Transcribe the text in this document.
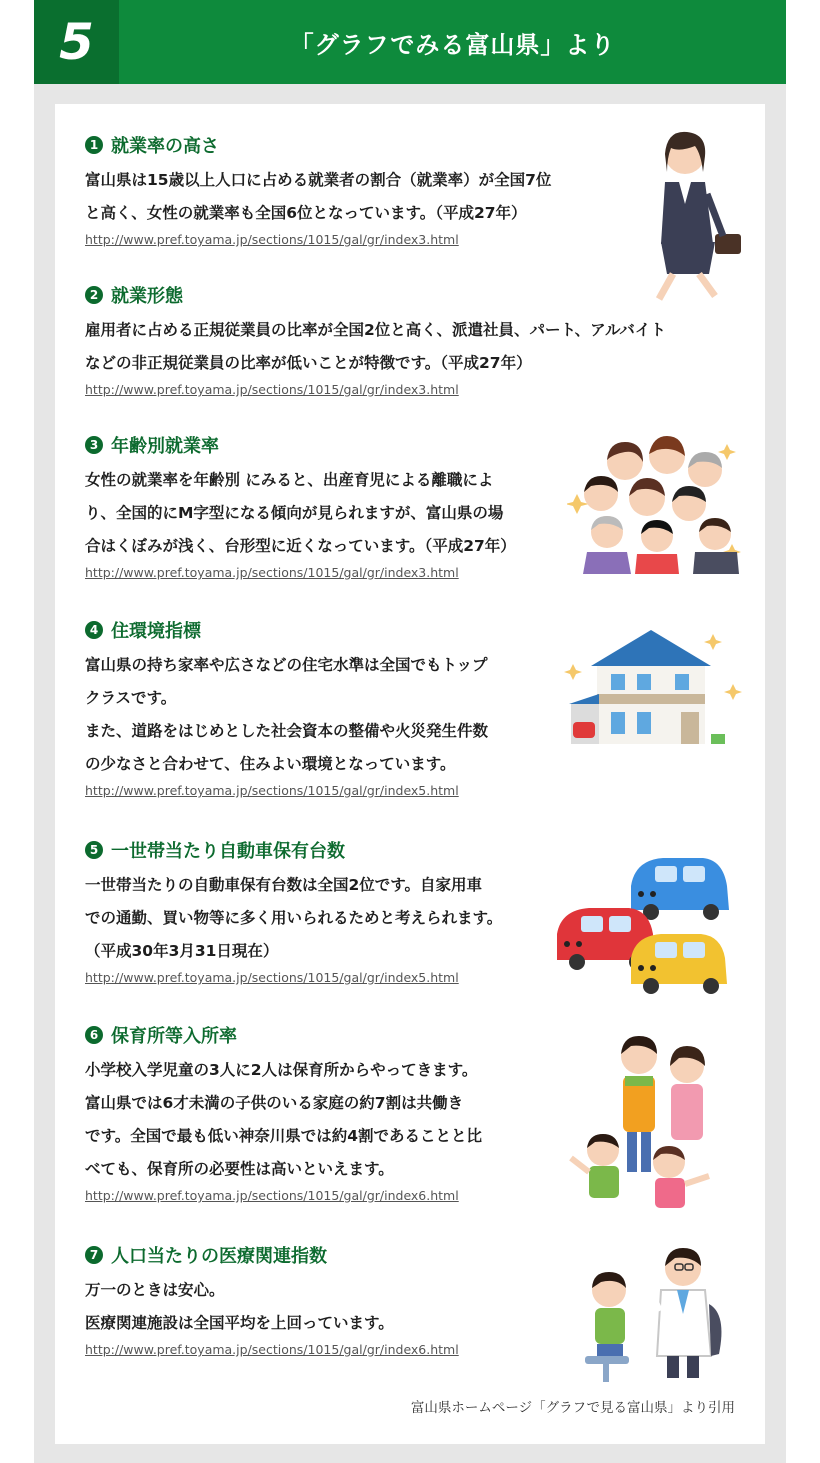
5	「グラフでみる富山県」より
1 就業率の高さ

富山県は15歳以上人口に占める就業者の割合（就業率）が全国7位

と高く、女性の就業率も全国6位となっています。（平成27年）

http://www.pref.toyama.jp/sections/1015/gal/gr/index3.html
2 就業形態

雇用者に占める正規従業員の比率が全国2位と高く、派遣社員、パート、アルバイト

などの非正規従業員の比率が低いことが特徴です。（平成27年）

http://www.pref.toyama.jp/sections/1015/gal/gr/index3.html
3 年齢別就業率

女性の就業率を年齢別 にみると、出産育児による離職によ

り、全国的にM字型になる傾向が見られますが、富山県の場

合はくぼみが浅く、台形型に近くなっています。（平成27年）

http://www.pref.toyama.jp/sections/1015/gal/gr/index3.html
4 住環境指標

富山県の持ち家率や広さなどの住宅水準は全国でもトップ

クラスです。

また、道路をはじめとした社会資本の整備や火災発生件数

の少なさと合わせて、住みよい環境となっています。

http://www.pref.toyama.jp/sections/1015/gal/gr/index5.html
5 一世帯当たり自動車保有台数

一世帯当たりの自動車保有台数は全国2位です。自家用車

での通勤、買い物等に多く用いられるためと考えられます。

（平成30年3月31日現在）

http://www.pref.toyama.jp/sections/1015/gal/gr/index5.html
6 保育所等入所率

小学校入学児童の3人に2人は保育所からやってきます。

富山県では6才未満の子供のいる家庭の約7割は共働き

です。全国で最も低い神奈川県では約4割であることと比

べても、保育所の必要性は高いといえます。

http://www.pref.toyama.jp/sections/1015/gal/gr/index6.html
7 人口当たりの医療関連指数

万一のときは安心。

医療関連施設は全国平均を上回っています。

http://www.pref.toyama.jp/sections/1015/gal/gr/index6.html
富山県ホームページ「グラフで見る富山県」より引用
